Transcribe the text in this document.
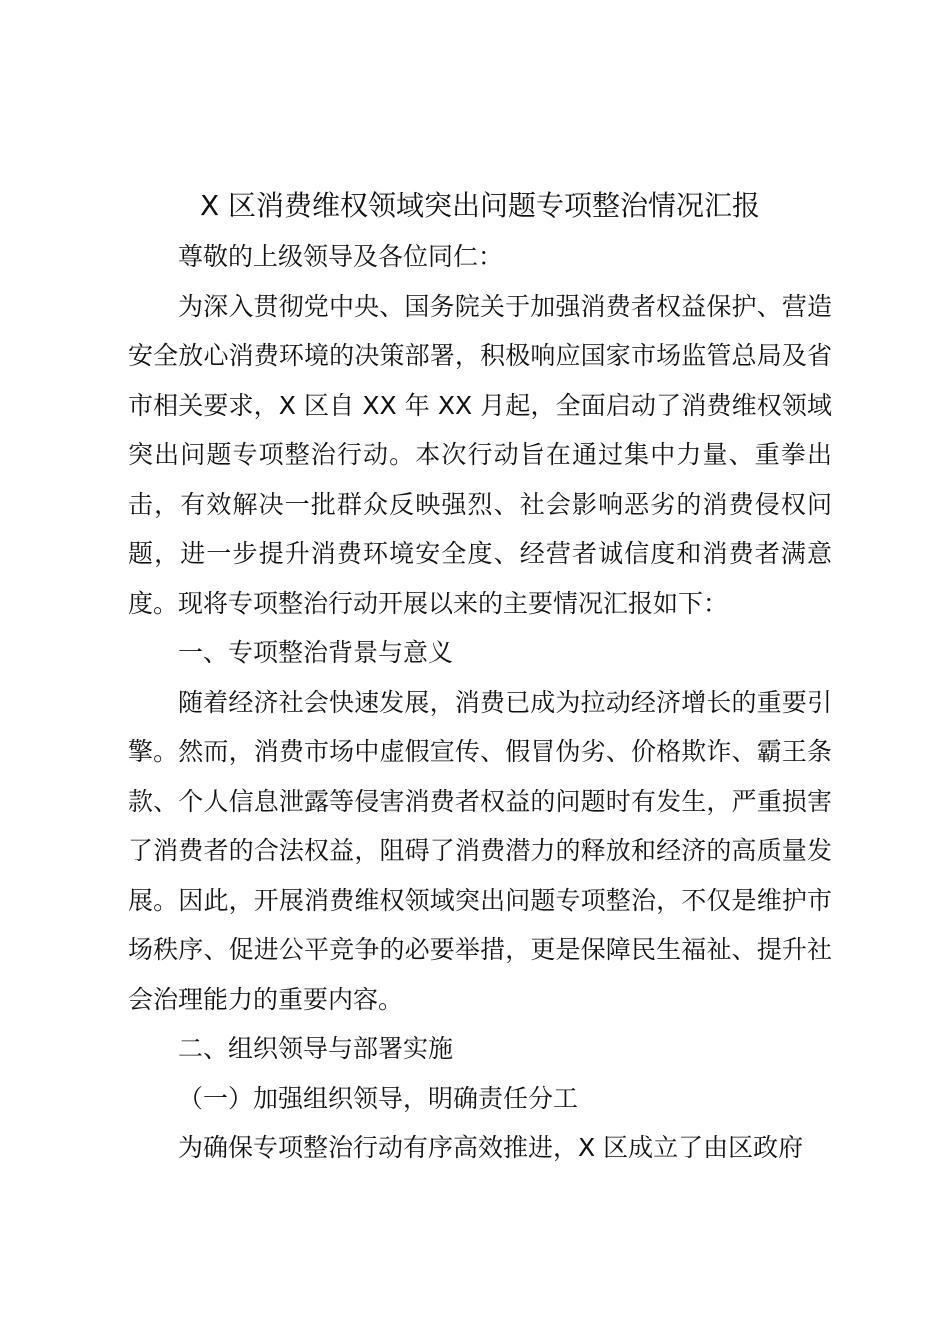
X 区消费维权领域突出问题专项整治情况汇报

尊敬的上级领导及各位同仁：

为深入贯彻党中央、国务院关于加强消费者权益保护、营造安全放心消费环境的决策部署，积极响应国家市场监管总局及省市相关要求，X 区自 XX 年 XX 月起，全面启动了消费维权领域突出问题专项整治行动。本次行动旨在通过集中力量、重拳出击，有效解决一批群众反映强烈、社会影响恶劣的消费侵权问题，进一步提升消费环境安全度、经营者诚信度和消费者满意度。现将专项整治行动开展以来的主要情况汇报如下：

一、专项整治背景与意义

随着经济社会快速发展，消费已成为拉动经济增长的重要引擎。然而，消费市场中虚假宣传、假冒伪劣、价格欺诈、霸王条款、个人信息泄露等侵害消费者权益的问题时有发生，严重损害了消费者的合法权益，阻碍了消费潜力的释放和经济的高质量发展。因此，开展消费维权领域突出问题专项整治，不仅是维护市场秩序、促进公平竞争的必要举措，更是保障民生福祉、提升社会治理能力的重要内容。

二、组织领导与部署实施

（一）加强组织领导，明确责任分工

为确保专项整治行动有序高效推进，X 区成立了由区政府
